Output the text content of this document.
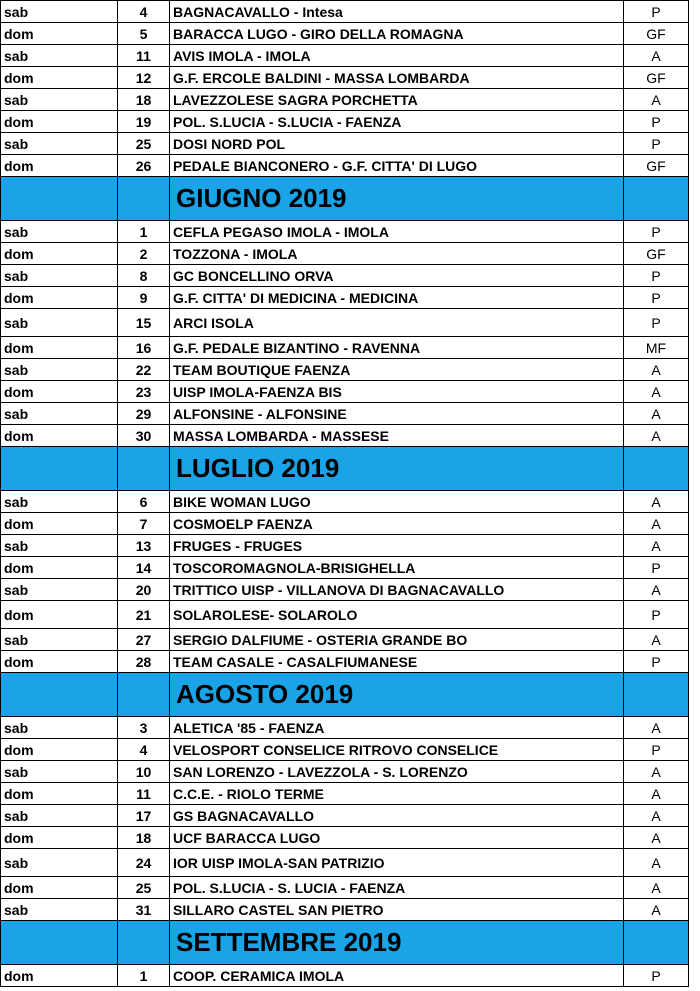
sab	4	BAGNACAVALLO - Intesa	P
dom	5	BARACCA LUGO - GIRO DELLA ROMAGNA	GF
sab	11	AVIS IMOLA - IMOLA	A
dom	12	G.F. ERCOLE BALDINI - MASSA LOMBARDA	GF
sab	18	LAVEZZOLESE SAGRA PORCHETTA	A
dom	19	POL. S.LUCIA - S.LUCIA - FAENZA	P
sab	25	DOSI NORD POL	P
dom	26	PEDALE BIANCONERO - G.F. CITTA' DI LUGO	GF
		GIUGNO 2019	
sab	1	CEFLA PEGASO IMOLA - IMOLA	P
dom	2	TOZZONA - IMOLA	GF
sab	8	GC BONCELLINO ORVA	P
dom	9	G.F. CITTA' DI MEDICINA - MEDICINA	P
sab	15	ARCI ISOLA	P
dom	16	G.F. PEDALE BIZANTINO - RAVENNA	MF
sab	22	TEAM BOUTIQUE FAENZA	A
dom	23	UISP IMOLA-FAENZA BIS	A
sab	29	ALFONSINE - ALFONSINE	A
dom	30	MASSA LOMBARDA - MASSESE	A
		LUGLIO 2019	
sab	6	BIKE WOMAN LUGO	A
dom	7	COSMOELP FAENZA	A
sab	13	FRUGES - FRUGES	A
dom	14	TOSCOROMAGNOLA-BRISIGHELLA	P
sab	20	TRITTICO UISP - VILLANOVA DI BAGNACAVALLO	A
dom	21	SOLAROLESE- SOLAROLO	P
sab	27	SERGIO DALFIUME - OSTERIA GRANDE BO	A
dom	28	TEAM CASALE - CASALFIUMANESE	P
		AGOSTO 2019	
sab	3	ALETICA '85 - FAENZA	A
dom	4	VELOSPORT CONSELICE RITROVO CONSELICE	P
sab	10	SAN LORENZO - LAVEZZOLA - S. LORENZO	A
dom	11	C.C.E. - RIOLO TERME	A
sab	17	GS BAGNACAVALLO	A
dom	18	UCF BARACCA LUGO	A
sab	24	IOR UISP IMOLA-SAN PATRIZIO	A
dom	25	POL. S.LUCIA - S. LUCIA - FAENZA	A
sab	31	SILLARO CASTEL SAN PIETRO	A
		SETTEMBRE 2019	
dom	1	COOP. CERAMICA IMOLA	P
